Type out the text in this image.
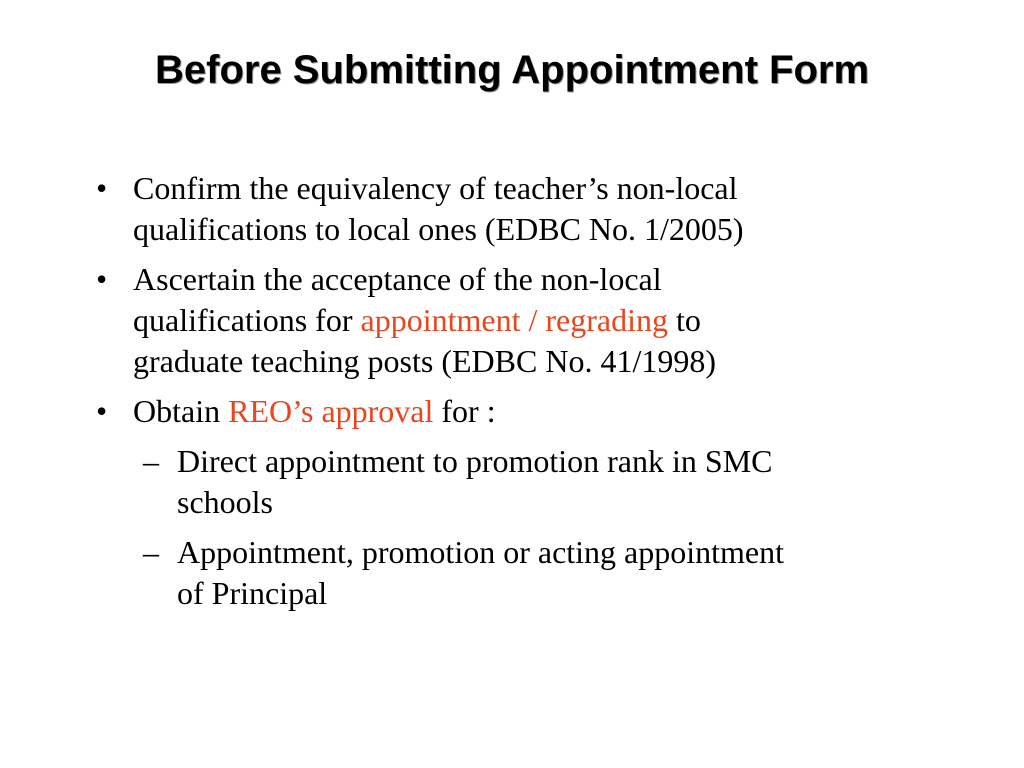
Before Submitting Appointment Form
• Confirm the equivalency of teacher’s non-local
qualifications to local ones (EDBC No. 1/2005)
• Ascertain the acceptance of the non-local
qualifications for appointment / regrading to
graduate teaching posts (EDBC No. 41/1998)
• Obtain REO’s approval for :
– Direct appointment to promotion rank in SMC
schools
– Appointment, promotion or acting appointment
of Principal
